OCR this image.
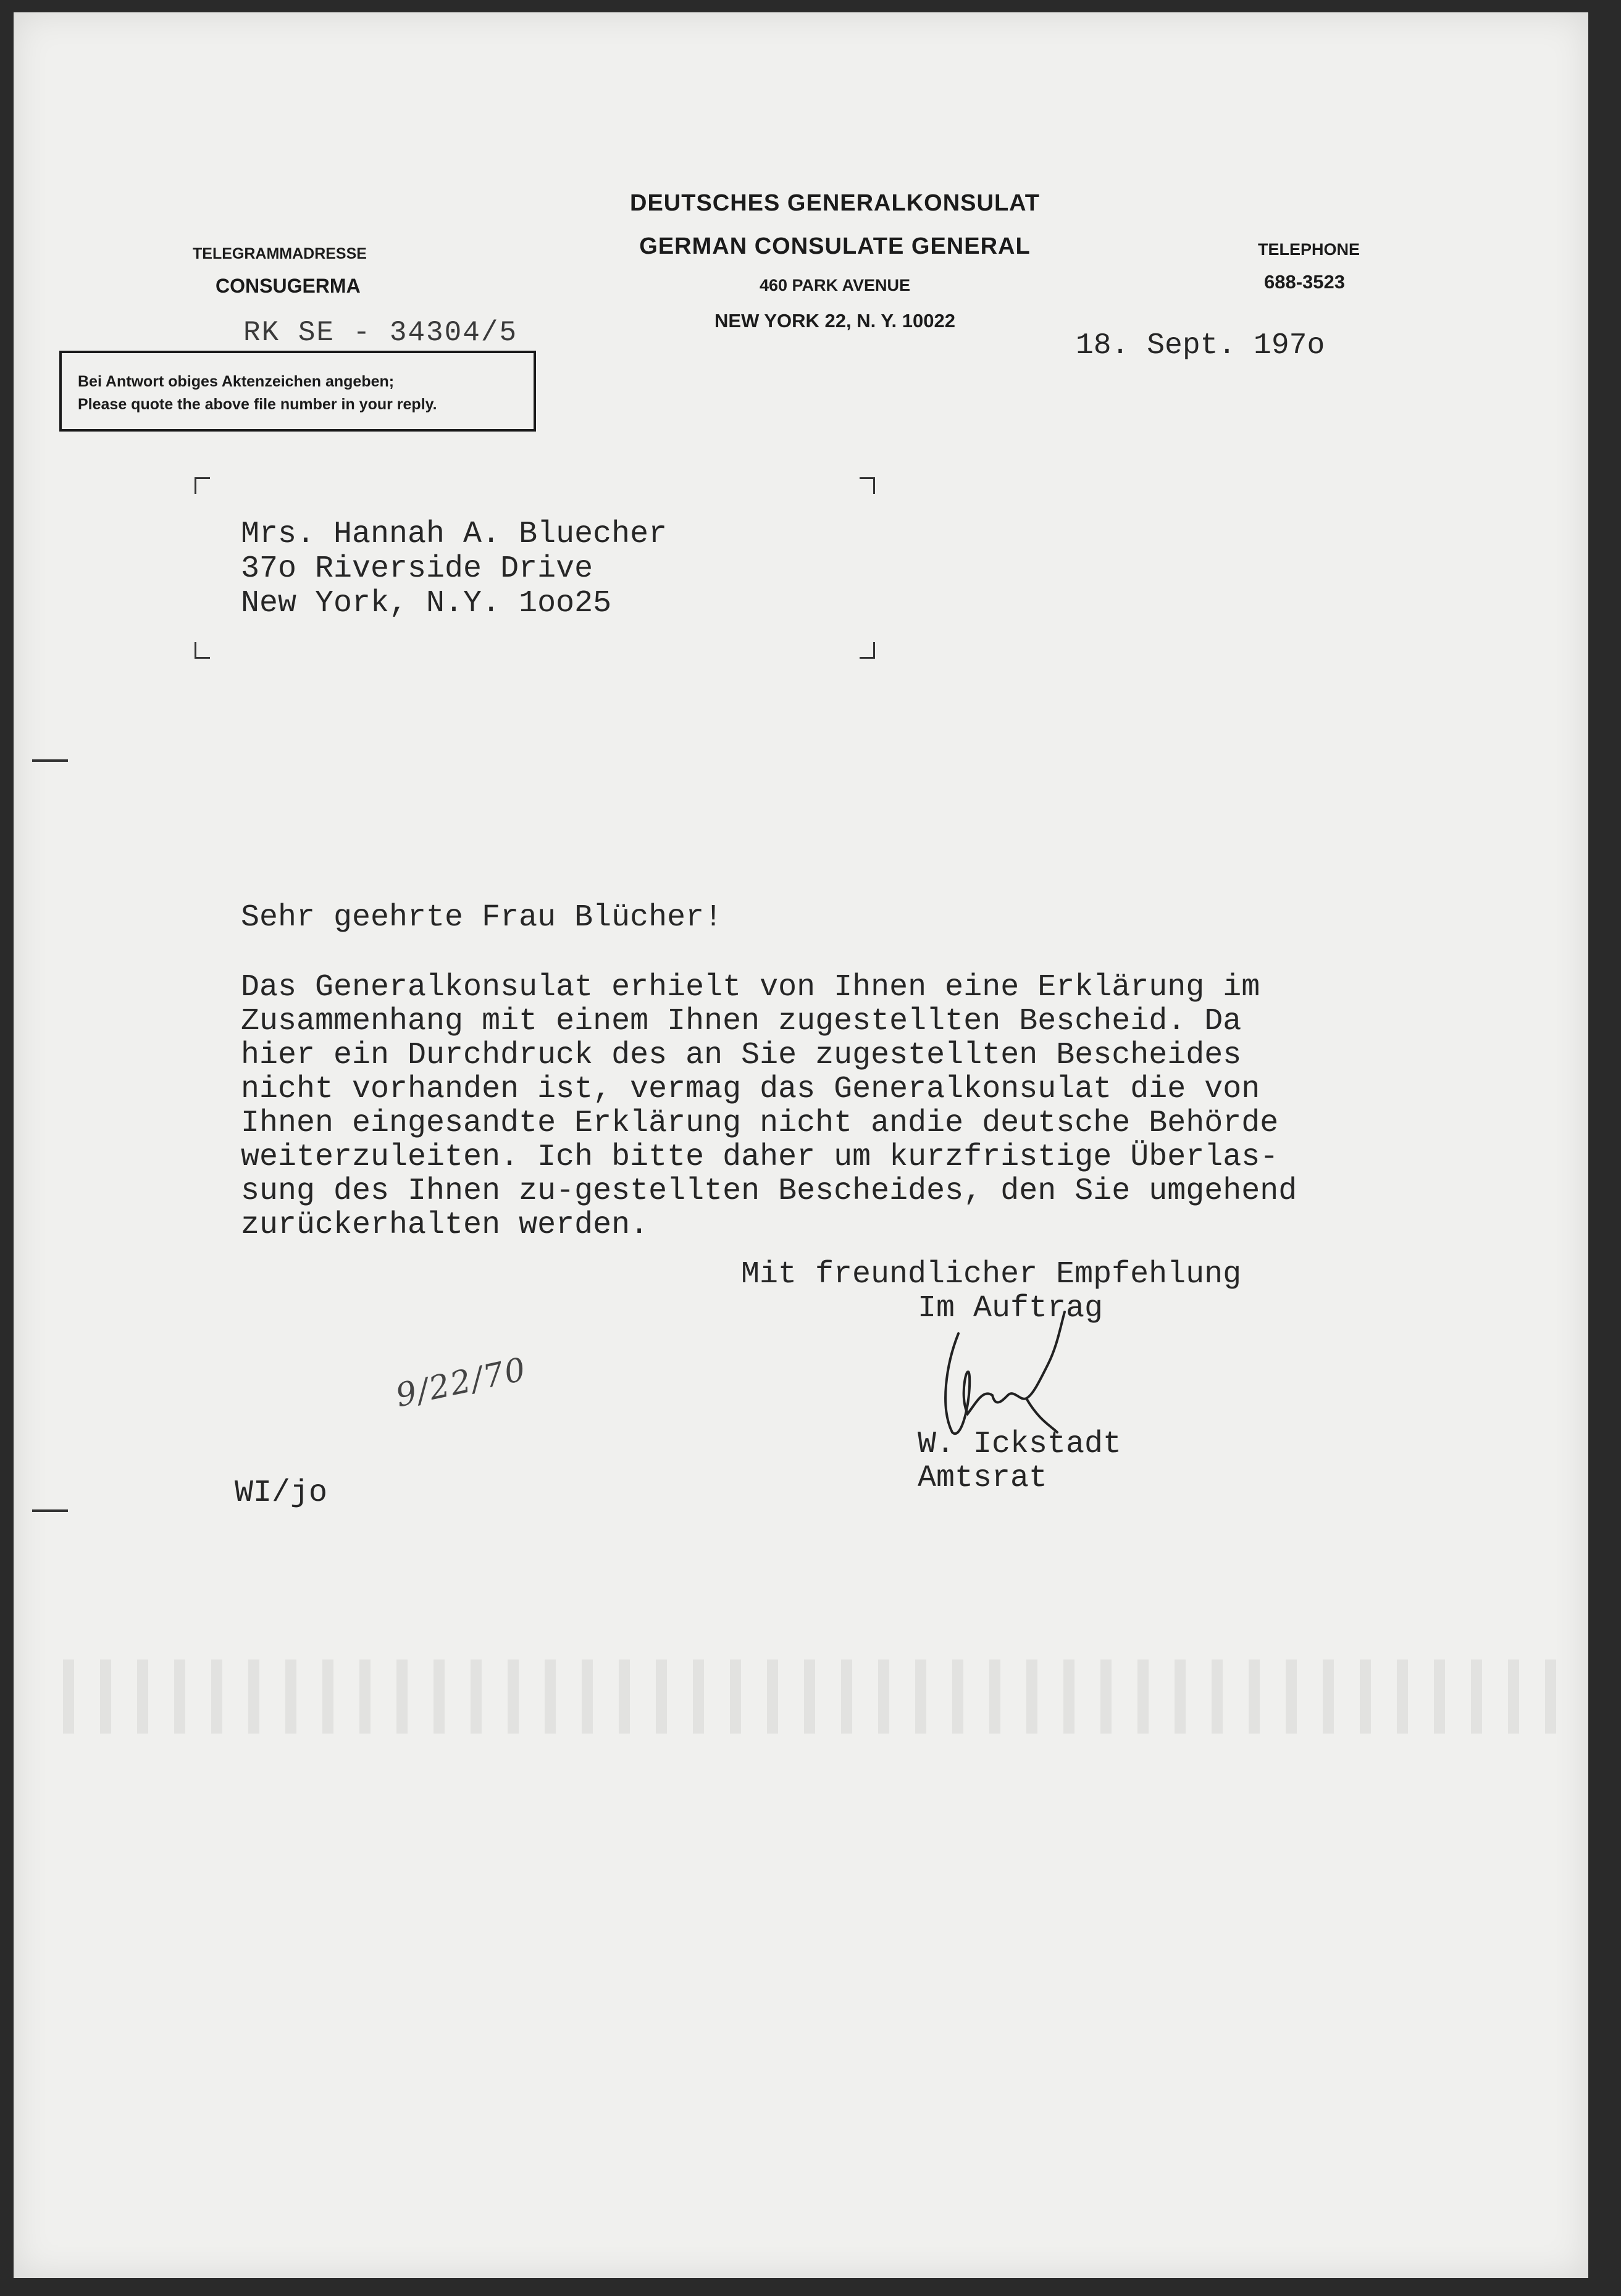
DEUTSCHES GENERALKONSULAT
GERMAN CONSULATE GENERAL
460 PARK AVENUE
NEW YORK 22, N. Y. 10022
TELEGRAMMADRESSE
CONSUGERMA
TELEPHONE
688-3523
RK SE - 34304/5	18. Sept. 197o
Bei Antwort obiges Aktenzeichen angeben;
Please quote the above file number in your reply.
Mrs. Hannah A. Bluecher
37o Riverside Drive
New York, N.Y. 1oo25
Sehr geehrte Frau Blücher!
Das Generalkonsulat erhielt von Ihnen eine Erklärung im
Zusammenhang mit einem Ihnen zugestellten Bescheid. Da
hier ein Durchdruck des an Sie zugestellten Bescheides
nicht vorhanden ist, vermag das Generalkonsulat die von
Ihnen eingesandte Erklärung nicht andie deutsche Behörde
weiterzuleiten. Ich bitte daher um kurzfristige Überlas-
sung des Ihnen zu-gestellten Bescheides, den Sie umgehend
zurückerhalten werden.
Mit freundlicher Empfehlung
Im Auftrag
W. Ickstadt
Amtsrat
9/22/70
WI/jo
